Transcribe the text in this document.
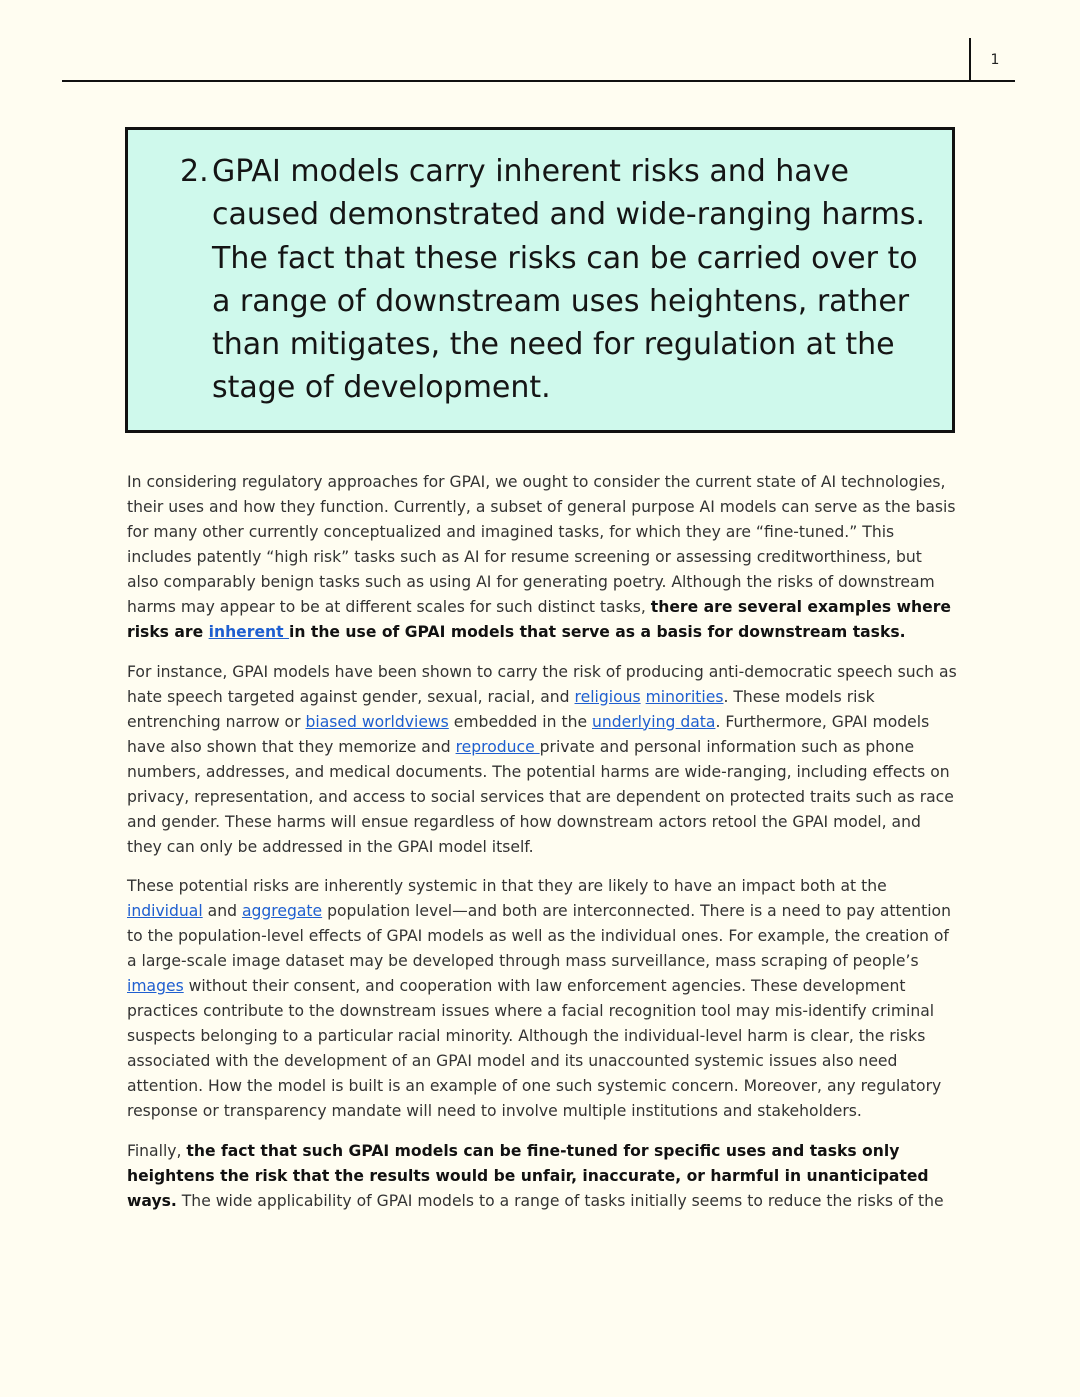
1
2. GPAI models carry inherent risks and have caused demonstrated and wide-ranging harms. The fact that these risks can be carried over to a range of downstream uses heightens, rather than mitigates, the need for regulation at the stage of development.

In considering regulatory approaches for GPAI, we ought to consider the current state of AI technologies, their uses and how they function. Currently, a subset of general purpose AI models can serve as the basis for many other currently conceptualized and imagined tasks, for which they are “fine-tuned.” This includes patently “high risk” tasks such as AI for resume screening or assessing creditworthiness, but also comparably benign tasks such as using AI for generating poetry. Although the risks of downstream harms may appear to be at different scales for such distinct tasks, there are several examples where risks are inherent in the use of GPAI models that serve as a basis for downstream tasks.

For instance, GPAI models have been shown to carry the risk of producing anti-democratic speech such as hate speech targeted against gender, sexual, racial, and religious minorities. These models risk entrenching narrow or biased worldviews embedded in the underlying data. Furthermore, GPAI models have also shown that they memorize and reproduce private and personal information such as phone numbers, addresses, and medical documents. The potential harms are wide-ranging, including effects on privacy, representation, and access to social services that are dependent on protected traits such as race and gender. These harms will ensue regardless of how downstream actors retool the GPAI model, and they can only be addressed in the GPAI model itself.

These potential risks are inherently systemic in that they are likely to have an impact both at the individual and aggregate population level—and both are interconnected. There is a need to pay attention to the population-level effects of GPAI models as well as the individual ones. For example, the creation of a large-scale image dataset may be developed through mass surveillance, mass scraping of people’s images without their consent, and cooperation with law enforcement agencies. These development practices contribute to the downstream issues where a facial recognition tool may mis-identify criminal suspects belonging to a particular racial minority. Although the individual-level harm is clear, the risks associated with the development of an GPAI model and its unaccounted systemic issues also need attention. How the model is built is an example of one such systemic concern. Moreover, any regulatory response or transparency mandate will need to involve multiple institutions and stakeholders.

Finally, the fact that such GPAI models can be fine-tuned for specific uses and tasks only heightens the risk that the results would be unfair, inaccurate, or harmful in unanticipated ways. The wide applicability of GPAI models to a range of tasks initially seems to reduce the risks of the
